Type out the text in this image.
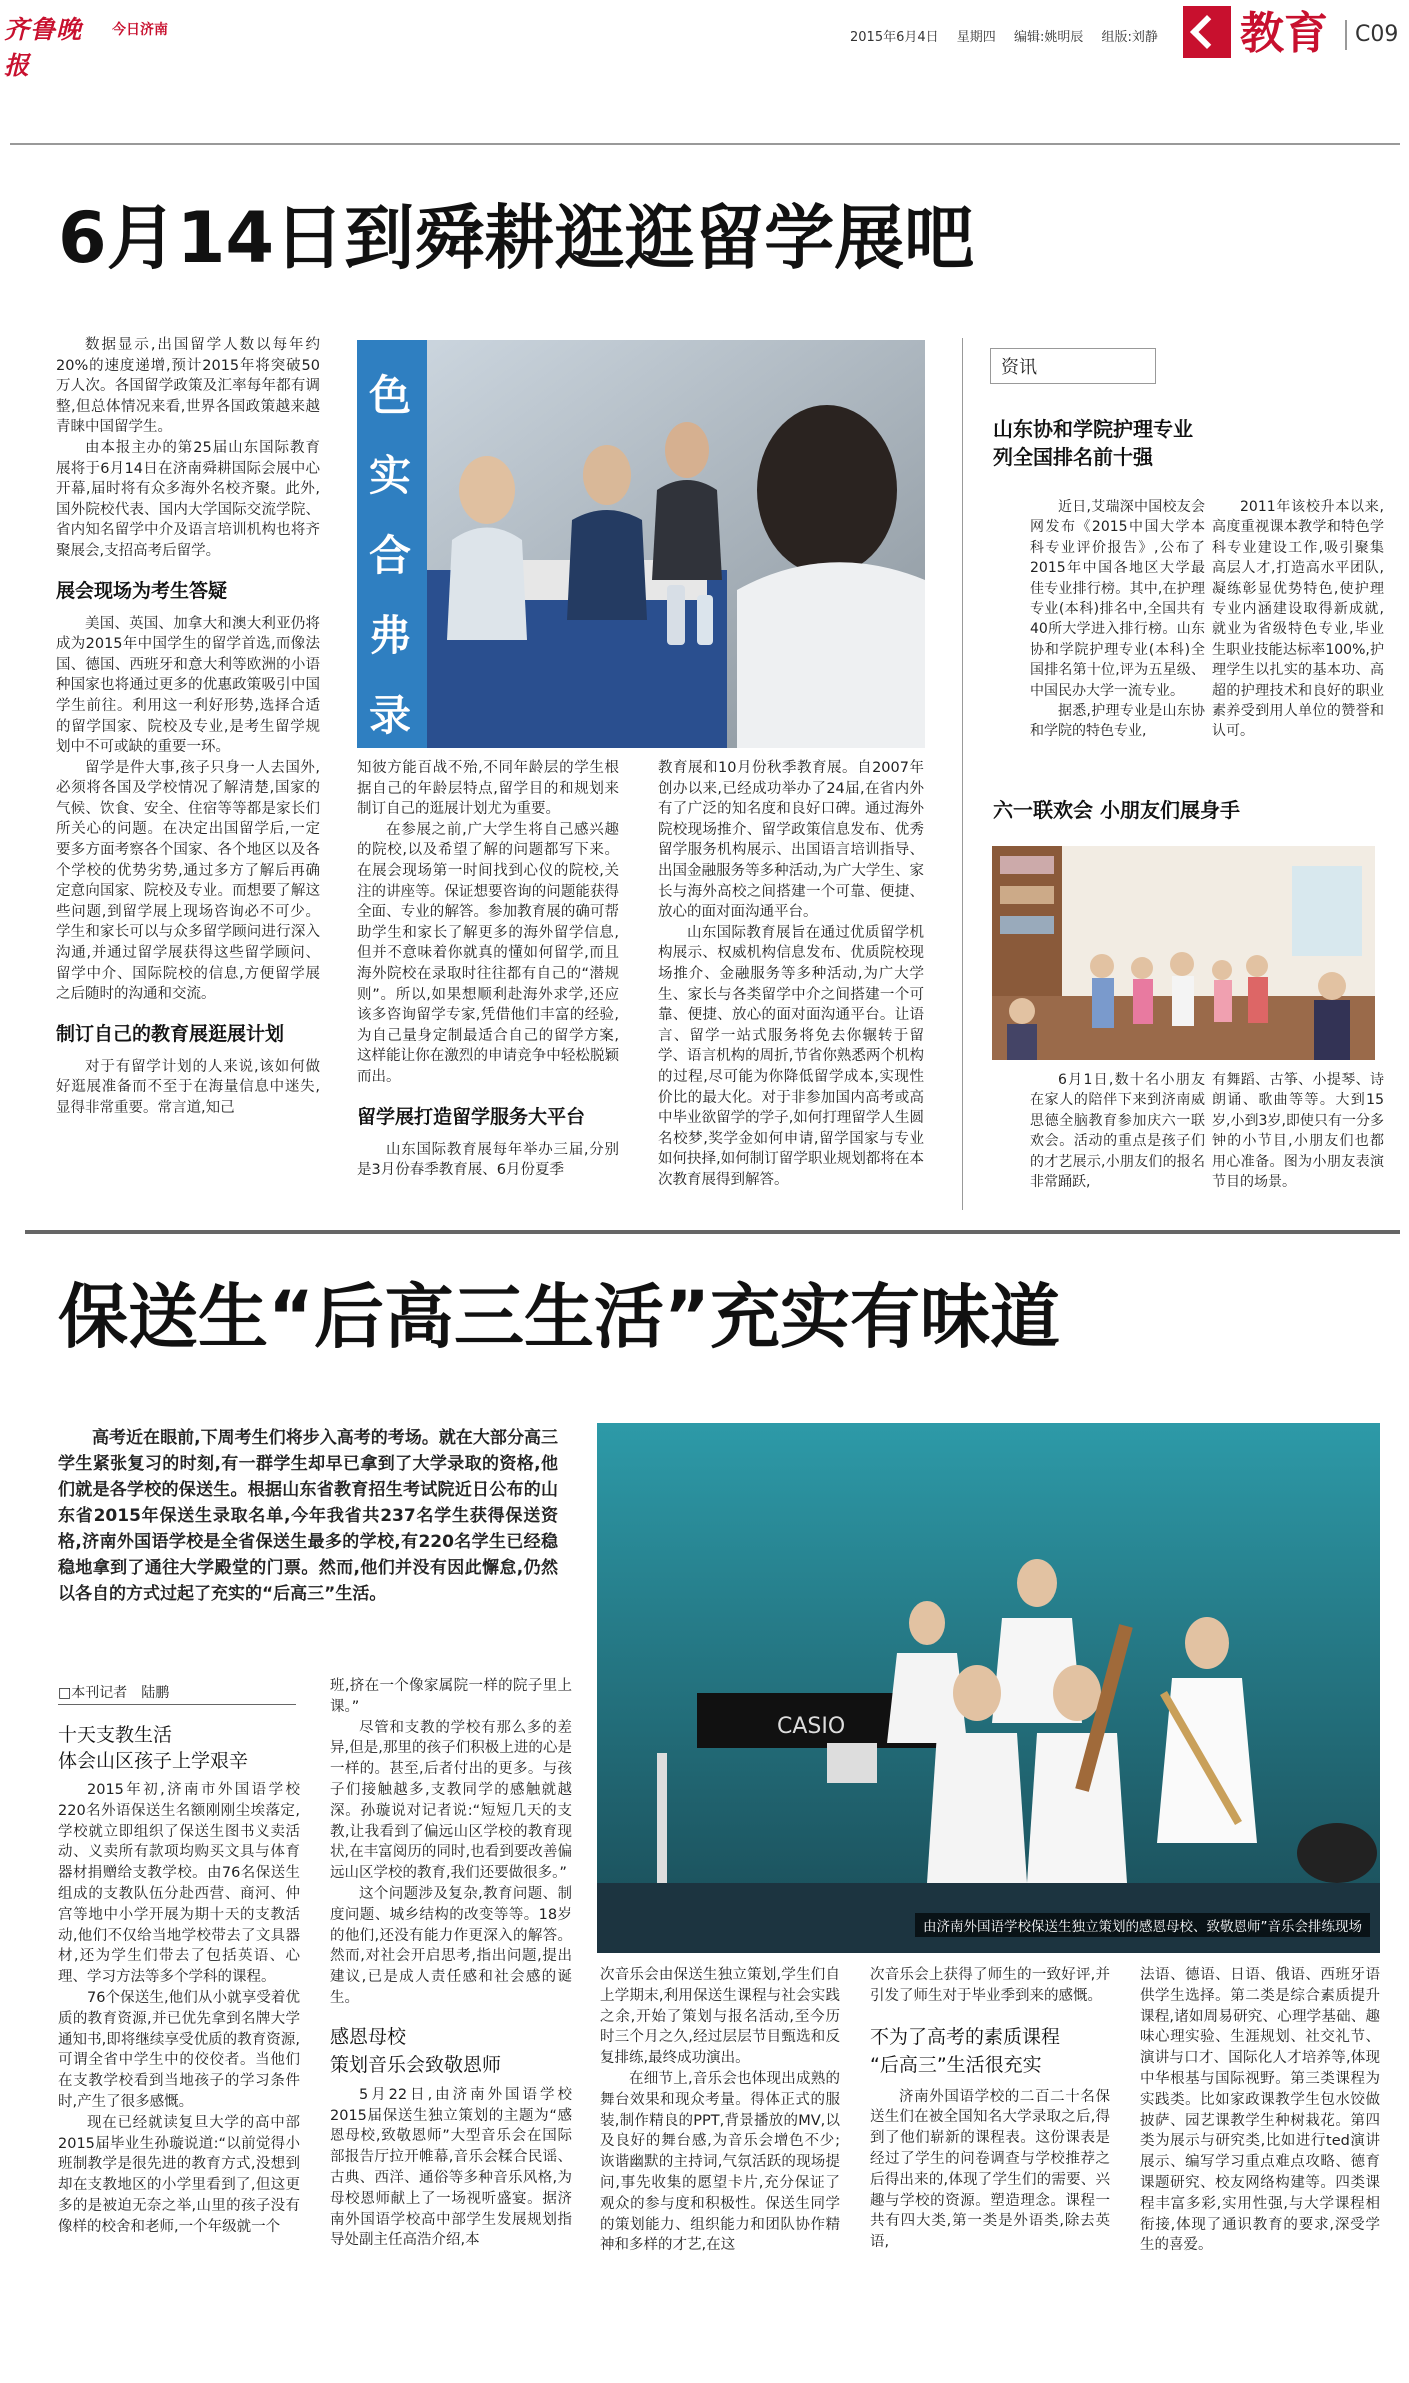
齐鲁晚报
今日济南	2015年6月4日 星期四 编辑:姚明辰 组版:刘静	教育	C09
6月14日到舜耕逛逛留学展吧

数据显示,出国留学人数以每年约20%的速度递增,预计2015年将突破50万人次。各国留学政策及汇率每年都有调整,但总体情况来看,世界各国政策越来越青睐中国留学生。

由本报主办的第25届山东国际教育展将于6月14日在济南舜耕国际会展中心开幕,届时将有众多海外名校齐聚。此外,国外院校代表、国内大学国际交流学院、省内知名留学中介及语言培训机构也将齐聚展会,支招高考后留学。

展会现场为考生答疑

美国、英国、加拿大和澳大利亚仍将成为2015年中国学生的留学首选,而像法国、德国、西班牙和意大利等欧洲的小语种国家也将通过更多的优惠政策吸引中国学生前往。利用这一利好形势,选择合适的留学国家、院校及专业,是考生留学规划中不可或缺的重要一环。

留学是件大事,孩子只身一人去国外,必须将各国及学校情况了解清楚,国家的气候、饮食、安全、住宿等等都是家长们所关心的问题。在决定出国留学后,一定要多方面考察各个国家、各个地区以及各个学校的优势劣势,通过多方了解后再确定意向国家、院校及专业。而想要了解这些问题,到留学展上现场咨询必不可少。学生和家长可以与众多留学顾问进行深入沟通,并通过留学展获得这些留学顾问、留学中介、国际院校的信息,方便留学展之后随时的沟通和交流。

制订自己的教育展逛展计划

对于有留学计划的人来说,该如何做好逛展准备而不至于在海量信息中迷失,显得非常重要。常言道,知己

色
实
合
弗
录

知彼方能百战不殆,不同年龄层的学生根据自己的年龄层特点,留学目的和规划来制订自己的逛展计划尤为重要。

在参展之前,广大学生将自己感兴趣的院校,以及希望了解的问题都写下来。在展会现场第一时间找到心仪的院校,关注的讲座等。保证想要咨询的问题能获得全面、专业的解答。参加教育展的确可帮助学生和家长了解更多的海外留学信息,但并不意味着你就真的懂如何留学,而且海外院校在录取时往往都有自己的“潜规则”。所以,如果想顺利赴海外求学,还应该多咨询留学专家,凭借他们丰富的经验,为自己量身定制最适合自己的留学方案,这样能让你在激烈的申请竞争中轻松脱颖而出。

留学展打造留学服务大平台

山东国际教育展每年举办三届,分别是3月份春季教育展、6月份夏季

教育展和10月份秋季教育展。自2007年创办以来,已经成功举办了24届,在省内外有了广泛的知名度和良好口碑。通过海外院校现场推介、留学政策信息发布、优秀留学服务机构展示、出国语言培训指导、出国金融服务等多种活动,为广大学生、家长与海外高校之间搭建一个可靠、便捷、放心的面对面沟通平台。

山东国际教育展旨在通过优质留学机构展示、权威机构信息发布、优质院校现场推介、金融服务等多种活动,为广大学生、家长与各类留学中介之间搭建一个可靠、便捷、放心的面对面沟通平台。让语言、留学一站式服务将免去你辗转于留学、语言机构的周折,节省你熟悉两个机构的过程,尽可能为你降低留学成本,实现性价比的最大化。对于非参加国内高考或高中毕业欲留学的学子,如何打理留学人生圆名校梦,奖学金如何申请,留学国家与专业如何抉择,如何制订留学职业规划都将在本次教育展得到解答。

资讯
山东协和学院护理专业
列全国排名前十强

近日,艾瑞深中国校友会网发布《2015中国大学本科专业评价报告》,公布了2015年中国各地区大学最佳专业排行榜。其中,在护理专业(本科)排名中,全国共有40所大学进入排行榜。山东协和学院护理专业(本科)全国排名第十位,评为五星级、中国民办大学一流专业。

据悉,护理专业是山东协和学院的特色专业,

2011年该校升本以来,高度重视课本教学和特色学科专业建设工作,吸引聚集高层人才,打造高水平团队,凝练彰显优势特色,使护理专业内涵建设取得新成就,就业为省级特色专业,毕业生职业技能达标率100%,护理学生以扎实的基本功、高超的护理技术和良好的职业素养受到用人单位的赞誉和认可。

六一联欢会 小朋友们展身手

6月1日,数十名小朋友在家人的陪伴下来到济南威思德全脑教育参加庆六一联欢会。活动的重点是孩子们的才艺展示,小朋友们的报名非常踊跃,

有舞蹈、古筝、小提琴、诗朗诵、歌曲等等。大到15岁,小到3岁,即使只有一分多钟的小节目,小朋友们也都用心准备。图为小朋友表演节目的场景。

保送生“后高三生活”充实有味道

高考近在眼前,下周考生们将步入高考的考场。就在大部分高三学生紧张复习的时刻,有一群学生却早已拿到了大学录取的资格,他们就是各学校的保送生。根据山东省教育招生考试院近日公布的山东省2015年保送生录取名单,今年我省共237名学生获得保送资格,济南外国语学校是全省保送生最多的学校,有220名学生已经稳稳地拿到了通往大学殿堂的门票。然而,他们并没有因此懈怠,仍然以各自的方式过起了充实的“后高三”生活。

CASIO
由济南外国语学校保送生独立策划的感恩母校、致敬恩师”音乐会排练现场
□本刊记者　陆鹏
十天支教生活
体会山区孩子上学艰辛

2015年初,济南市外国语学校220名外语保送生名额刚刚尘埃落定,学校就立即组织了保送生图书义卖活动、义卖所有款项均购买文具与体育器材捐赠给支教学校。由76名保送生组成的支教队伍分赴西营、商河、仲宫等地中小学开展为期十天的支教活动,他们不仅给当地学校带去了文具器材,还为学生们带去了包括英语、心理、学习方法等多个学科的课程。

76个保送生,他们从小就享受着优质的教育资源,并已优先拿到名牌大学通知书,即将继续享受优质的教育资源,可谓全省中学生中的佼佼者。当他们在支教学校看到当地孩子的学习条件时,产生了很多感慨。

现在已经就读复旦大学的高中部2015届毕业生孙璇说道:“以前觉得小班制教学是很先进的教育方式,没想到却在支教地区的小学里看到了,但这更多的是被迫无奈之举,山里的孩子没有像样的校舍和老师,一个年级就一个

班,挤在一个像家属院一样的院子里上课。”

尽管和支教的学校有那么多的差异,但是,那里的孩子们积极上进的心是一样的。甚至,后者付出的更多。与孩子们接触越多,支教同学的感触就越深。孙璇说对记者说:“短短几天的支教,让我看到了偏远山区学校的教育现状,在丰富阅历的同时,也看到要改善偏远山区学校的教育,我们还要做很多。”

这个问题涉及复杂,教育问题、制度问题、城乡结构的改变等等。18岁的他们,还没有能力作更深入的解答。然而,对社会开启思考,指出问题,提出建议,已是成人责任感和社会感的诞生。

感恩母校
策划音乐会致敬恩师

5月22日,由济南外国语学校2015届保送生独立策划的主题为“感恩母校,致敬恩师”大型音乐会在国际部报告厅拉开帷幕,音乐会糅合民谣、古典、西洋、通俗等多种音乐风格,为母校恩师献上了一场视听盛宴。据济南外国语学校高中部学生发展规划指导处副主任高浩介绍,本

次音乐会由保送生独立策划,学生们自上学期末,利用保送生课程与社会实践之余,开始了策划与报名活动,至今历时三个月之久,经过层层节目甄选和反复排练,最终成功演出。

在细节上,音乐会也体现出成熟的舞台效果和现众考量。得体正式的服装,制作精良的PPT,背景播放的MV,以及良好的舞台感,为音乐会增色不少;诙谐幽默的主持词,气氛活跃的现场提问,事先收集的愿望卡片,充分保证了观众的参与度和积极性。保送生同学的策划能力、组织能力和团队协作精神和多样的才艺,在这

次音乐会上获得了师生的一致好评,并引发了师生对于毕业季到来的感慨。

不为了高考的素质课程
“后高三”生活很充实

济南外国语学校的二百二十名保送生们在被全国知名大学录取之后,得到了他们崭新的课程表。这份课表是经过了学生的问卷调查与学校推荐之后得出来的,体现了学生们的需要、兴趣与学校的资源。塑造理念。课程一共有四大类,第一类是外语类,除去英语,

法语、德语、日语、俄语、西班牙语供学生选择。第二类是综合素质提升课程,诸如周易研究、心理学基础、趣味心理实验、生涯规划、社交礼节、演讲与口才、国际化人才培养等,体现中华根基与国际视野。第三类课程为实践类。比如家政课教学生包水饺做披萨、园艺课教学生种树栽花。第四类为展示与研究类,比如进行ted演讲展示、编写学习重点难点攻略、德育课题研究、校友网络构建等。四类课程丰富多彩,实用性强,与大学课程相衔接,体现了通识教育的要求,深受学生的喜爱。
